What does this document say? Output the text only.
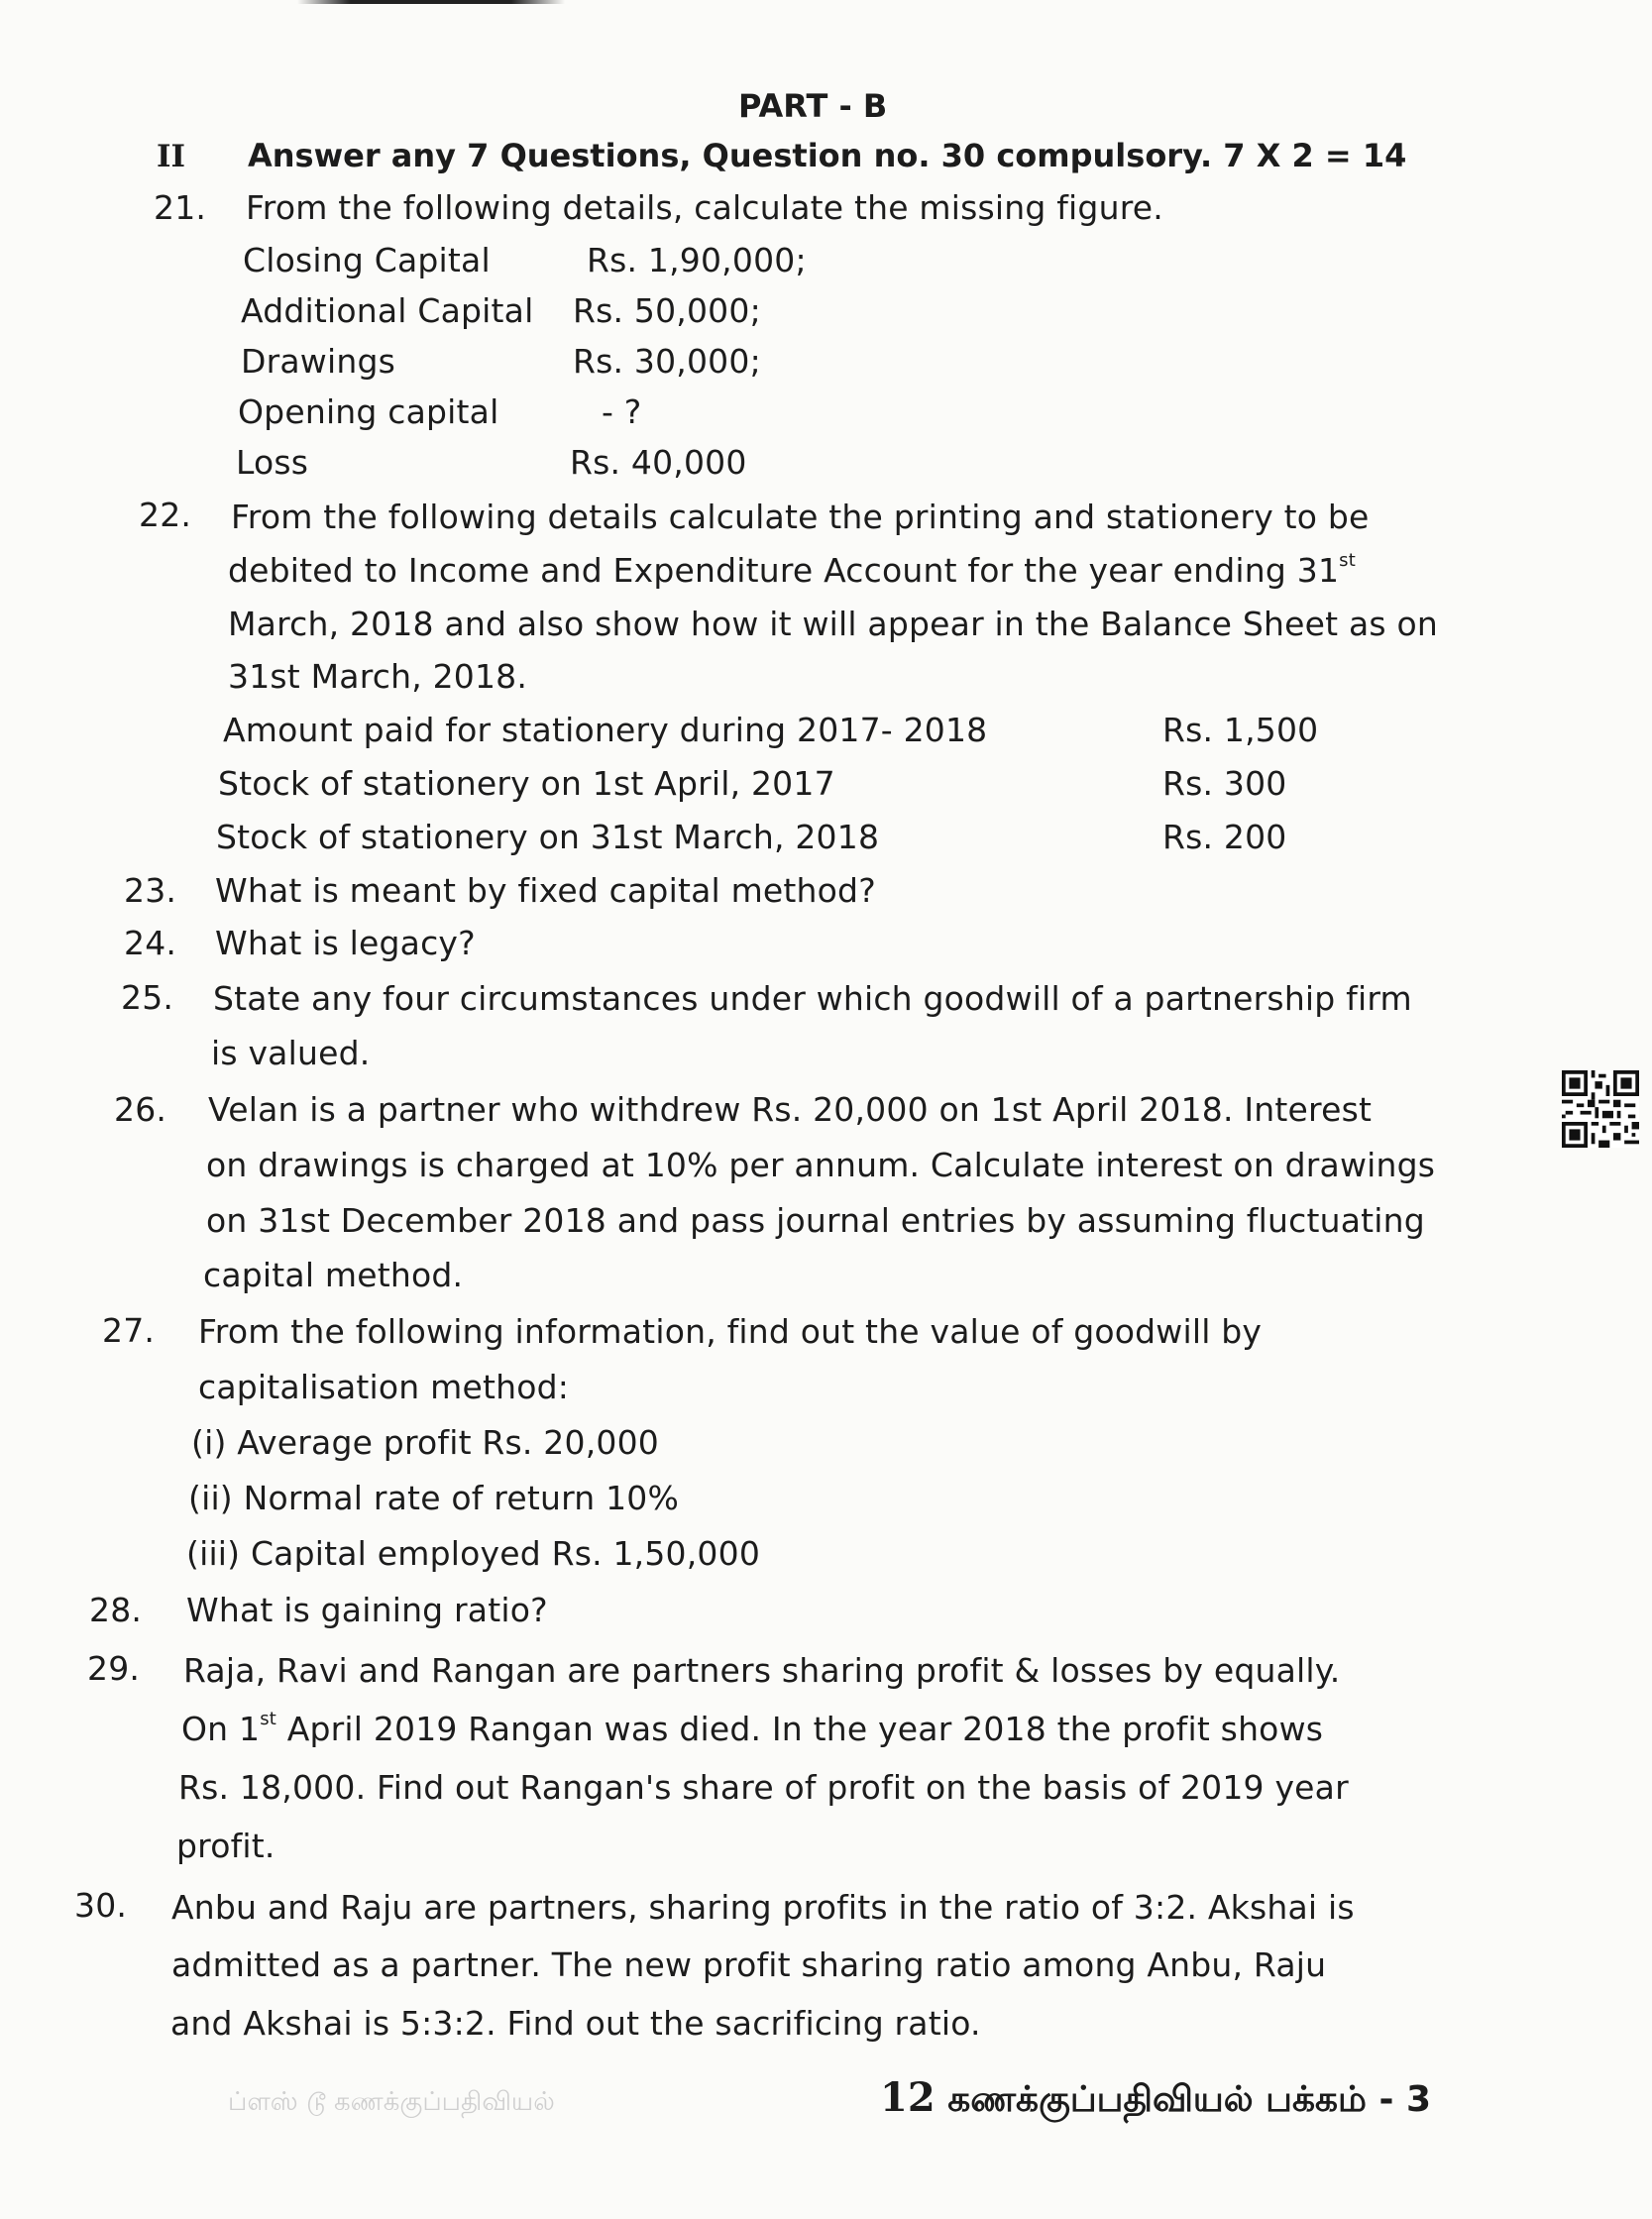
PART - B
II Answer any 7 Questions, Question no. 30 compulsory. 7 X 2 = 14
21. From the following details, calculate the missing figure.
Closing Capital	Rs. 1,90,000;
Additional Capital Rs. 50,000;
Drawings	Rs. 30,000;
Opening capital	- ?
Loss	Rs. 40,000
22. From the following details calculate the printing and stationery to be
debited to Income and Expenditure Account for the year ending 31st
March, 2018 and also show how it will appear in the Balance Sheet as on
31st March, 2018.
Amount paid for stationery during 2017- 2018	Rs. 1,500
Stock of stationery on 1st April, 2017	Rs. 300
Stock of stationery on 31st March, 2018	Rs. 200
23. What is meant by fixed capital method?
24. What is legacy?
25. State any four circumstances under which goodwill of a partnership firm
is valued.
26. Velan is a partner who withdrew Rs. 20,000 on 1st April 2018. Interest
on drawings is charged at 10% per annum. Calculate interest on drawings
on 31st December 2018 and pass journal entries by assuming fluctuating
capital method.
27. From the following information, find out the value of goodwill by
capitalisation method:
(i) Average profit Rs. 20,000
(ii) Normal rate of return 10%
(iii) Capital employed Rs. 1,50,000
28. What is gaining ratio?
29. Raja, Ravi and Rangan are partners sharing profit & losses by equally.
On 1st April 2019 Rangan was died. In the year 2018 the profit shows
Rs. 18,000. Find out Rangan's share of profit on the basis of 2019 year
profit.
30. Anbu and Raju are partners, sharing profits in the ratio of 3:2. Akshai is
admitted as a partner. The new profit sharing ratio among Anbu, Raju
and Akshai is 5:3:2. Find out the sacrificing ratio.
ப்ளஸ் டூ கணக்குப்பதிவியல்	12 கணக்குப்பதிவியல் பக்கம் - 3
